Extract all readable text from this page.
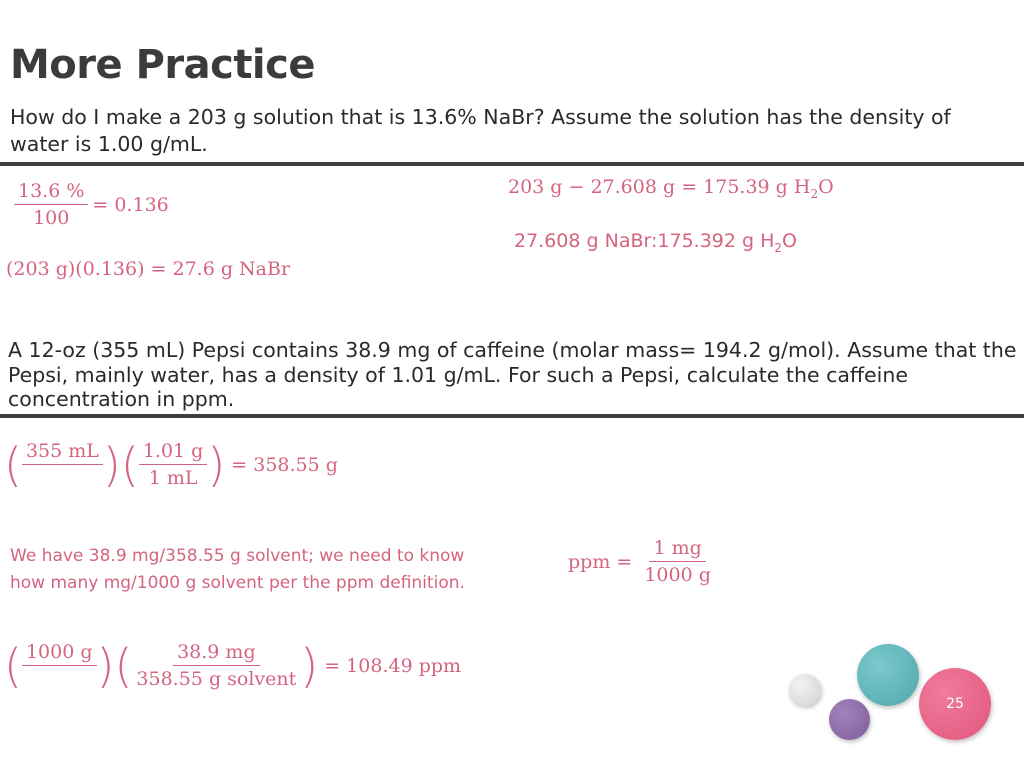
More Practice
How do I make a 203 g solution that is 13.6% NaBr? Assume the solution has the density of
water is 1.00 g/mL.
$\frac{13.6 \%}{100} = 0.136$
(203 g)(0.136) = 27.6 g NaBr
203 g − 27.608 g = 175.39 g $H_2O$
27.608 g NaBr:175.392 g $H_2O$
A 12-oz (355 mL) Pepsi contains 38.9 mg of caffeine (molar mass= 194.2 g/mol). Assume that the
Pepsi, mainly water, has a density of 1.01 g/mL. For such a Pepsi, calculate the caffeine
concentration in ppm.
( 355 mL
) ( $\frac{1.01 g}{1 mL}$ ) = 358.55 g
We have 38.9 mg/358.55 g solvent; we need to know
how many mg/1000 g solvent per the ppm definition.
ppm = $\frac{1 mg}{1000 g}$
( 1000 g
) ( $\frac{38.9 mg}{\text{358.55 g solvent}}$ ) = 108.49 ppm
25
